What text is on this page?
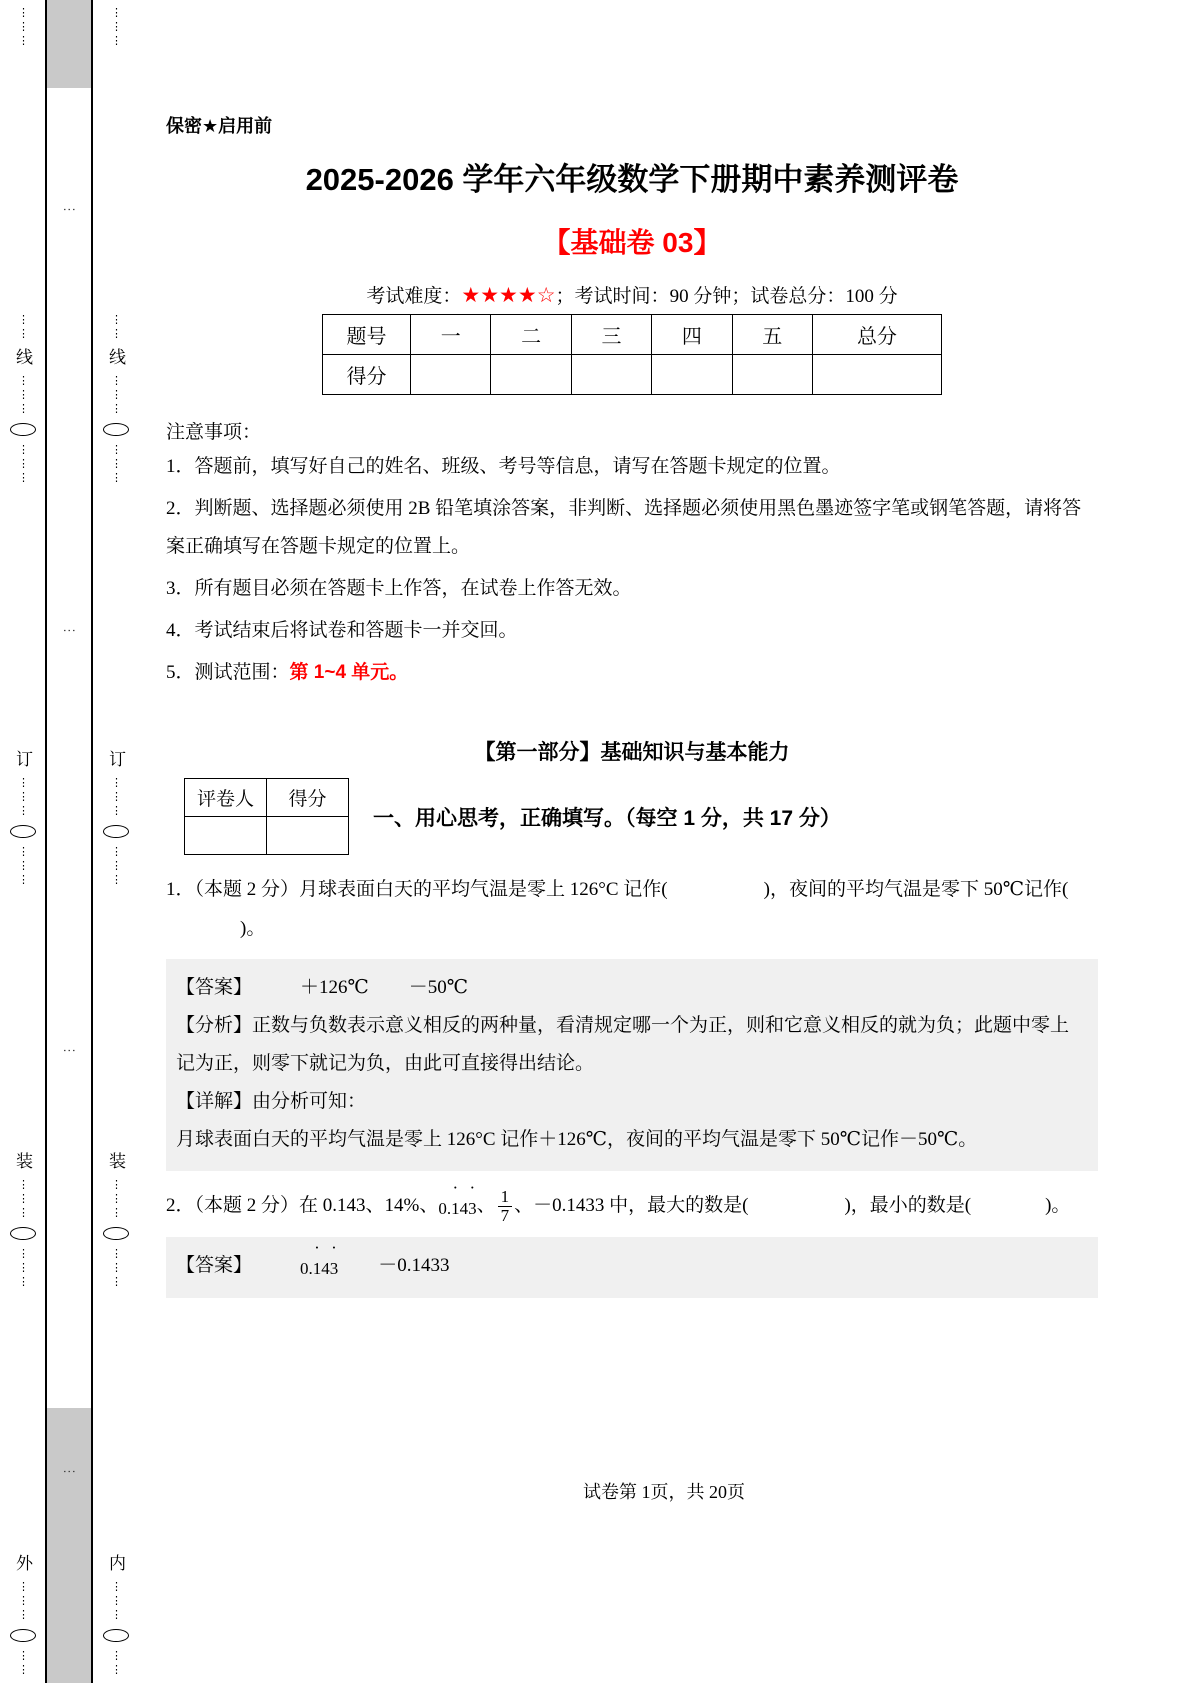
⋮⋮⋮
⋮⋮
线
⋮⋮⋮
⋮⋮⋮
订
⋮⋮⋮
⋮⋮⋮
装
⋮⋮⋮
⋮⋮⋮
外
⋮⋮⋮
⋮⋮
⋮
⋮
⋮
⋮
⋮⋮⋮
⋮⋮
线
⋮⋮⋮
⋮⋮⋮
订
⋮⋮⋮
⋮⋮⋮
装
⋮⋮⋮
⋮⋮⋮
内
⋮⋮⋮
⋮⋮
保密★启用前
2025-2026 学年六年级数学下册期中素养测评卷
【基础卷 03】
考试难度：★★★★☆；考试时间：90 分钟；试卷总分：100 分
题号	一	二	三	四	五	总分
得分						
注意事项：
1．答题前，填写好自己的姓名、班级、考号等信息，请写在答题卡规定的位置。
2．判断题、选择题必须使用 2B 铅笔填涂答案，非判断、选择题必须使用黑色墨迹签字笔或钢笔答题，请将答案正确填写在答题卡规定的位置上。
3．所有题目必须在答题卡上作答，在试卷上作答无效。
4．考试结束后将试卷和答题卡一并交回。
5．测试范围：第 1~4 单元。
【第一部分】基础知识与基本能力
评卷人	得分

一、用心思考，正确填写。（每空 1 分，共 17 分）
1．（本题 2 分）月球表面白天的平均气温是零上 126°C 记作(	)，夜间的平均气温是零下 50℃记作()。
【答案】	＋126℃ －50℃
【分析】正数与负数表示意义相反的两种量，看清规定哪一个为正，则和它意义相反的就为负；此题中零上记为正，则零下就记为负，由此可直接得出结论。
【详解】由分析可知：
月球表面白天的平均气温是零上 126°C 记作＋126℃，夜间的平均气温是零下 50℃记作－50℃。
2．（本题 2 分）在 0.143、14%、0.· 14· 3、 $\frac{1}{7}$ 、－0.1433 中，最大的数是(	)，最小的数是(	)。
【答案】	0.· 14· 3 －0.1433
试卷第 1页，共 20页
